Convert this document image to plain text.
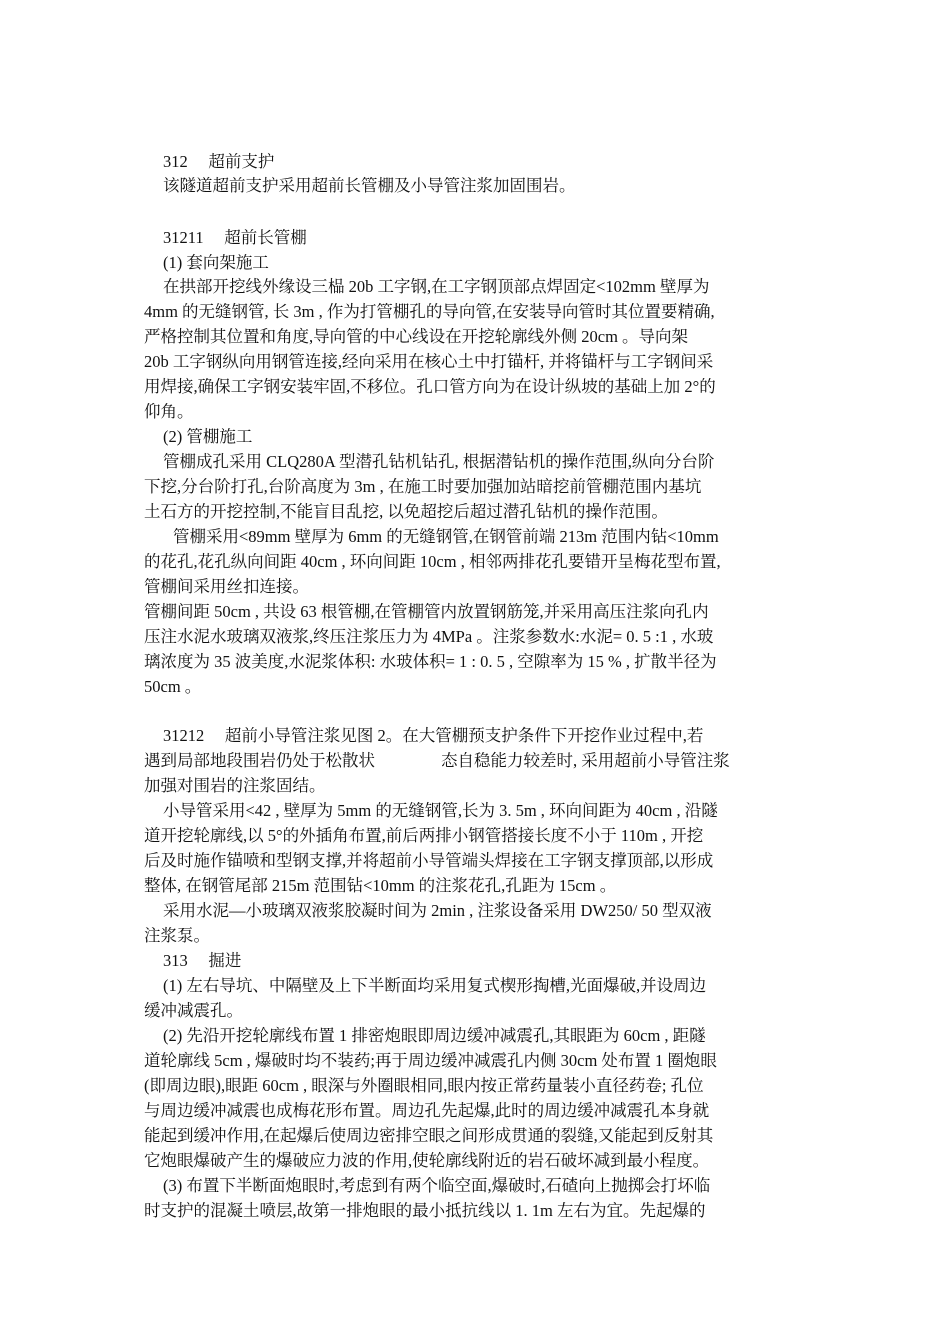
312　 超前支护
该隧道超前支护采用超前长管棚及小导管注浆加固围岩。
31211　 超前长管棚
(1) 套向架施工
在拱部开挖线外缘设三榀 20b 工字钢,在工字钢顶部点焊固定<102mm 壁厚为
4mm 的无缝钢管, 长 3m , 作为打管棚孔的导向管,在安装导向管时其位置要精确,
严格控制其位置和角度,导向管的中心线设在开挖轮廓线外侧 20cm 。导向架
20b 工字钢纵向用钢管连接,经向采用在核心土中打锚杆, 并将锚杆与工字钢间采
用焊接,确保工字钢安装牢固,不移位。孔口管方向为在设计纵坡的基础上加 2°的
仰角。
(2) 管棚施工
管棚成孔采用 CLQ280A 型潜孔钻机钻孔, 根据潜钻机的操作范围,纵向分台阶
下挖,分台阶打孔,台阶高度为 3m , 在施工时要加强加站暗挖前管棚范围内基坑
土石方的开挖控制,不能盲目乱挖, 以免超挖后超过潜孔钻机的操作范围。
管棚采用<89mm 壁厚为 6mm 的无缝钢管,在钢管前端 213m 范围内钻<10mm
的花孔,花孔纵向间距 40cm , 环向间距 10cm , 相邻两排花孔要错开呈梅花型布置,
管棚间采用丝扣连接。
管棚间距 50cm , 共设 63 根管棚,在管棚管内放置钢筋笼,并采用高压注浆向孔内
压注水泥水玻璃双液浆,终压注浆压力为 4MPa 。注浆参数水:水泥= 0. 5 :1 , 水玻
璃浓度为 35 波美度,水泥浆体积: 水玻体积= 1 : 0. 5 , 空隙率为 15 % , 扩散半径为
50cm 。
31212　 超前小导管注浆见图 2。在大管棚预支护条件下开挖作业过程中,若
遇到局部地段围岩仍处于松散状　　　　态自稳能力较差时, 采用超前小导管注浆
加强对围岩的注浆固结。
小导管采用<42 , 壁厚为 5mm 的无缝钢管,长为 3. 5m , 环向间距为 40cm , 沿隧
道开挖轮廓线,以 5°的外插角布置,前后两排小钢管搭接长度不小于 110m , 开挖
后及时施作锚喷和型钢支撑,并将超前小导管端头焊接在工字钢支撑顶部,以形成
整体, 在钢管尾部 215m 范围钻<10mm 的注浆花孔,孔距为 15cm 。
采用水泥—小玻璃双液浆胶凝时间为 2min , 注浆设备采用 DW250/ 50 型双液
注浆泵。
313　 掘进
(1) 左右导坑、中隔壁及上下半断面均采用复式楔形掏槽,光面爆破,并设周边
缓冲减震孔。
(2) 先沿开挖轮廓线布置 1 排密炮眼即周边缓冲减震孔,其眼距为 60cm , 距隧
道轮廓线 5cm , 爆破时均不装药;再于周边缓冲减震孔内侧 30cm 处布置 1 圈炮眼
(即周边眼),眼距 60cm , 眼深与外圈眼相同,眼内按正常药量装小直径药卷; 孔位
与周边缓冲减震也成梅花形布置。周边孔先起爆,此时的周边缓冲减震孔本身就
能起到缓冲作用,在起爆后使周边密排空眼之间形成贯通的裂缝,又能起到反射其
它炮眼爆破产生的爆破应力波的作用,使轮廓线附近的岩石破坏减到最小程度。
(3) 布置下半断面炮眼时,考虑到有两个临空面,爆破时,石碴向上抛掷会打坏临
时支护的混凝土喷层,故第一排炮眼的最小抵抗线以 1. 1m 左右为宜。先起爆的
